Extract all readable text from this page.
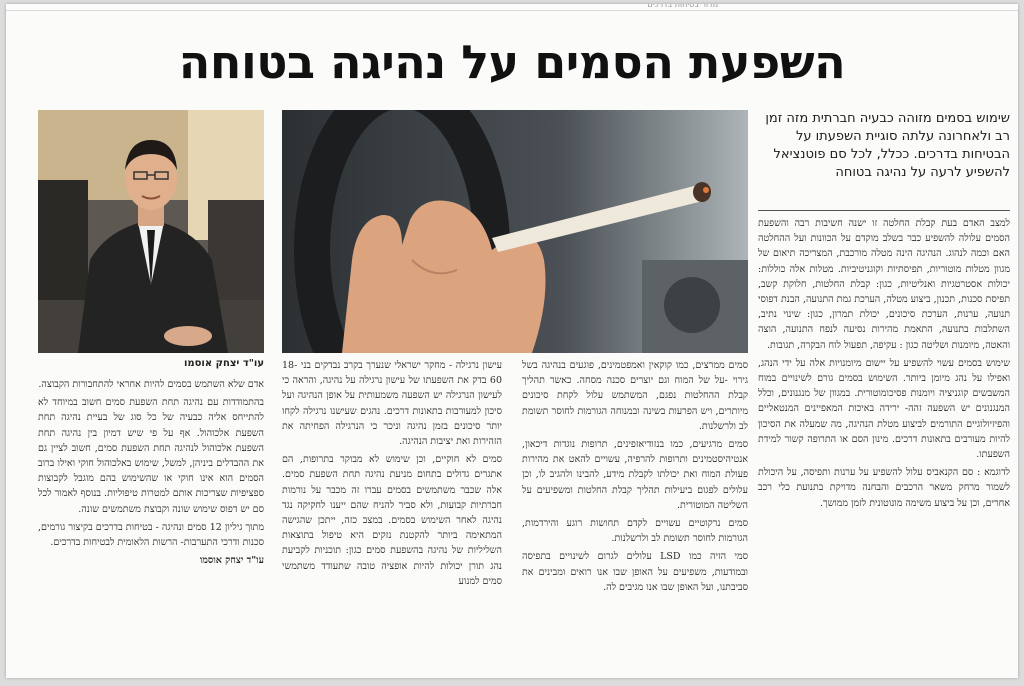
מדור בטיחות בדרכים
השפעת הסמים על נהיגה בטוחה
עו"ד יצחק אוסמו
שימוש בסמים מזוהה כבעיה חברתית מזה זמן רב ולאחרונה עלתה סוגיית השפעתו על הבטיחות בדרכים. ככלל, לכל סם פוטנציאל להשפיע לרעה על נהיגה בטוחה

למצב האדם בעת קבלת החלטה זו ישנה חשיבות רבה והשפעת הסמים עלולה להשפיע כבר בשלב מוקדם על הכוונות ועל ההחלטה האם וכמה לנהוג. הנהיגה הינה מטלה מורכבת, המצריכה תיאום של מגוון מטלות מוטוריות, תפיסתיות וקוגניטיביות. מטלות אלה כוללות: יכולות אסטרטגיות ואנליטיות, כגון: קבלת החלטות, חלוקת קשב, תפיסת סכנות, תכנון, ביצוע מטלה, הערכת גמת התנועה, הבנת דפוסי תנועה, ערנות, הערכת סיכונים, יכולת תמרון, כגון: שינוי נתיב, השתלבות בתנועה, התאמת מהירות נסיעה לנפח התנועה, הוצה והאטה, מיומנות ושליטה כגון : עקיפה, תפעול לוח הבקרה, תגובות.

שימוש בסמים עשוי להשפיע על יישום מיומנויות אלה על ידי הנהג, ואפילו על נהג מיומן ביותר. השימוש בסמים גורם לשינויים במוח המשבשים קוגניציה ויומנות פסיכומוטורית. במגוון של מנגנונים, וכלל המנגנונים יש השפעה זהה- ירידה באיכות המאפיינים המנטאליים והפיזיולוגיים התורמים לביצוע מטלת הנהיגה, מה שמעלה את הסיכון להיות מעורבים בתאונות דרכים. מינון הסם או התרופה קשור למידת השפעתו.

לדוגמא : סם הקנאביס עלול להשפיע על ערנות ותפיסה, על היכולת לשמור מרחק משאר הרכבים והבחנה מדויקת בתנועת כלי רכב אחרים, וכן על ביצוע משימה מונוטונית לזמן ממושך.

סמים ממרצים, כמו קוקאין ואמפטמינים, פוגעים בנהיגה בשל גירוי -על של המוח וגם יוצרים סכנה מסחה. כאשר תהליך קבלת ההחלטות נפגם, המשתמש עלול לקחת סיכונים מיותרים, ויש הפרעות בשינה ובמנוחה הגורמות לחוסר תשומת לב ולרשלנות.

סמים מרגיעים, כמו בנזודיאזפינים, תרופות נוגדות דיכאון, אנטיהיסטמינים ותרופות להרפיה, עשויים להאט את מהירות פעולת המוח ואת יכולתו לקבלת מידע, להבינו ולהגיב לו, וכן עלולים לפגום ביעילות תהליך קבלת החלטות ומשפיעים על השליטה המוטורית.

סמים נרקוטיים עשויים לקדם תחושות רוגע והירדמות, הגורמות לחוסר תשומת לב ולרשלנות.

סמי הזיה כמו LSD עלולים לגרום לשינויים בתפיסה ובמודעות, משפיעים על האופן שבו אנו רואים ומבינים את סביבתנו, ועל האופן שבו אנו מגיבים לה.

עישון נרגילה - מחקר ישראלי שנערך בקרב נבדקים בני 18-60 בדק את השפעתו של עישון נרגילה על נהיגה, והראה כי לעישון הנרגילה יש השפעה משמעותית על אופן הנהיגה ועל סיכון למעורבות בתאונות דרכים. נהגים שעישנו נרגילה לקחו יותר סיכונים בזמן נהיגה וניכר כי הנרגילה הפחיתה את הזהירות ואת יציבות הנהיגה.

סמים לא חוקיים, וכן שימוש לא מבוקר בתרופות, הם אתגרים גדולים בתחום מניעת נהיגה תחת השפעת סמים. אלה שכבר משתמשים בסמים עברו זה מכבר על נורמות חברתיות קבועות, ולא סביר להניח שהם ייענו לחקיקה נגד נהיגה לאחר השימוש בסמים. במצב כזה, ייתכן שהגישה המתאימה ביותר להקטנת נזקים היא טיפול בתוצאות השליליות של נהיגה בהשפעת סמים כגון: תוכניות לקביעת נהג תורן יכולות להיות אופציה טובה שתעודד משתמשי סמים למנוע

אדם שלא השתמש בסמים להיות אחראי להתחבורות הקבוצה.

בהתמודדות עם נהיגה תחת השפעת סמים חשוב במיוחד לא להתייחס אליה כבעיה של כל סוג של בעיית נהיגה תחת השפעת אלכוהול. אף על פי שיש דמיון בין נהיגה תחת השפעת אלכוהול לנהיגה תחת השפעת סמים, חשוב לציין גם את ההבדלים ביניהן, למשל, שימוש באלכוהול חוקי ואילו ברוב הסמים הוא אינו חוקי או שהשימוש בהם מוגבל לקבוצות ספציפיות שצריכות אותם למטרות טיפוליות. בנוסף לאמור לכל סם יש דפוס שימוש שונה וקבוצת משתמשים שונה.

מתוך גיליון 12 סמים ונהיגה - בטיחות בדרכים בקיצור גורמים, סכנות ודרכי התערבות- הרשות הלאומית לבטיחות בדרכים.

עו"ד יצחק אוסמו
